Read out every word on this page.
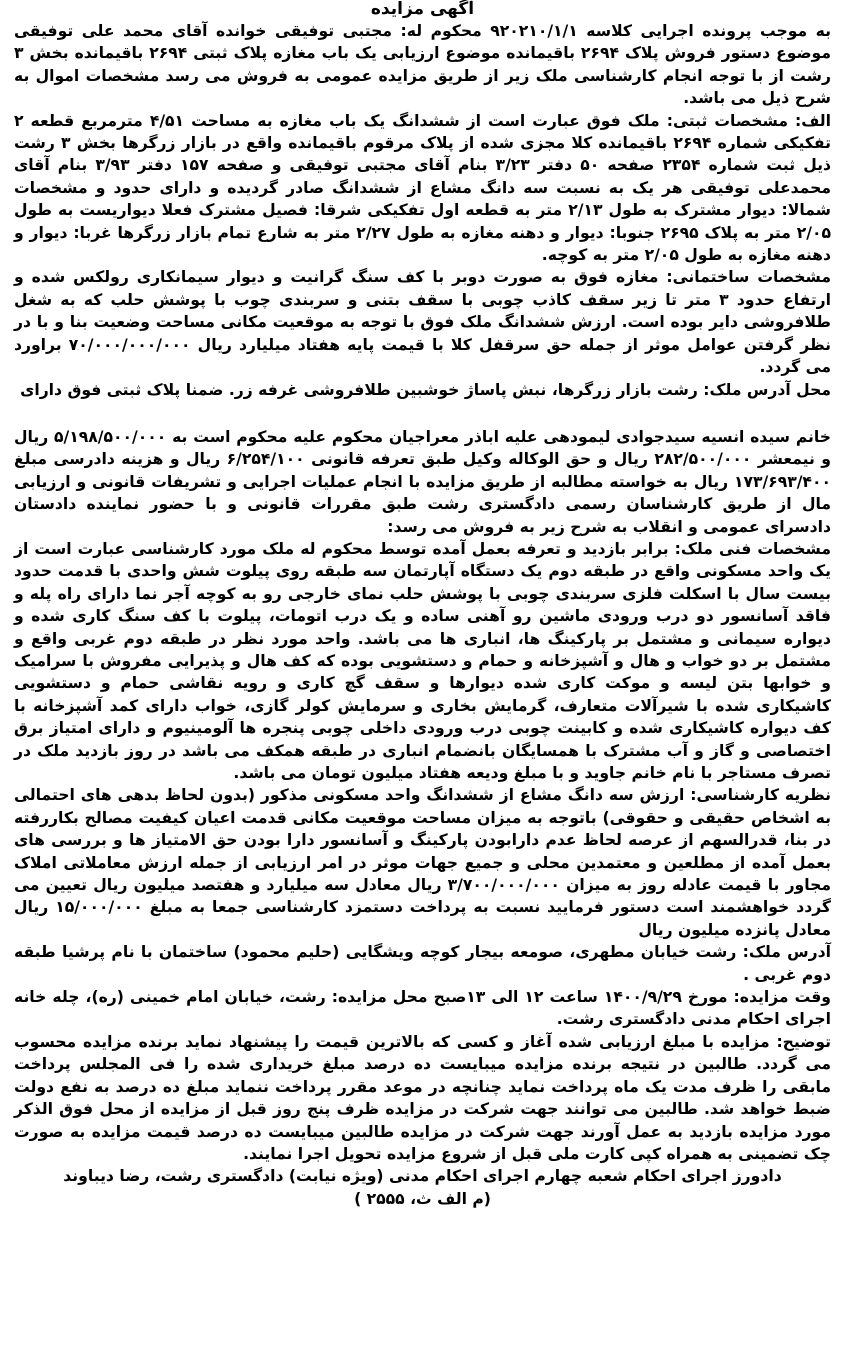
آگهی مزایده

به موجب پرونده اجرایی کلاسه ۹۲۰۲۱۰/۱/۱ محکوم له: مجتبی توفیقی خوانده آقای محمد علی توفیقی موضوع دستور فروش پلاک ۲۶۹۴ باقیمانده موضوع ارزیابی یک باب مغازه پلاک ثبتی ۲۶۹۴ باقیمانده بخش ۳ رشت از با توجه انجام کارشناسی ملک زیر از طریق مزایده عمومی به فروش می رسد مشخصات اموال به شرح ذیل می باشد.

الف: مشخصات ثبتی: ملک فوق عبارت است از ششدانگ یک باب مغازه به مساحت ۴/۵۱ مترمربع قطعه ۲ تفکیکی شماره ۲۶۹۴ باقیمانده کلا مجزی شده از پلاک مرقوم باقیمانده واقع در بازار زرگرها بخش ۳ رشت ذیل ثبت شماره ۲۳۵۴ صفحه ۵۰ دفتر ۳/۲۳ بنام آقای مجتبی توفیقی و صفحه ۱۵۷ دفتر ۳/۹۳ بنام آقای محمدعلی توفیقی هر یک به نسبت سه دانگ مشاع از ششدانگ صادر گردیده و دارای حدود و مشخصات شمالا: دیوار مشترک به طول ۲/۱۳ متر به قطعه اول تفکیکی شرقا: فصیل مشترک فعلا دیواریست به طول ۲/۰۵ متر به پلاک ۲۶۹۵ جنوبا: دیوار و دهنه مغازه به طول ۲/۲۷ متر به شارع تمام بازار زرگرها غربا: دیوار و دهنه مغازه به طول ۲/۰۵ متر به کوچه.

مشخصات ساختمانی: مغازه فوق به صورت دوبر با کف سنگ گرانیت و دیوار سیمانکاری رولکس شده و ارتفاع حدود ۳ متر تا زیر سقف کاذب چوبی با سقف بتنی و سربندی چوب با پوشش حلب که به شغل طلافروشی دایر بوده است. ارزش ششدانگ ملک فوق با توجه به موقعیت مکانی مساحت وضعیت بنا و با در نظر گرفتن عوامل موثر از جمله حق سرقفل کلا با قیمت پایه هفتاد میلیارد ریال ۷۰/۰۰۰/۰۰۰/۰۰۰ براورد می گردد.

محل آدرس ملک: رشت بازار زرگرها، نبش پاساژ خوشبین طلافروشی غرفه زر. ضمنا پلاک ثبتی فوق دارای

خانم سیده انسیه سیدجوادی لیمودهی علیه اباذر معراجیان محکوم علیه محکوم است به ۵/۱۹۸/۵۰۰/۰۰۰ ریال و نیمعشر ۲۸۲/۵۰۰/۰۰۰ ریال و حق الوکاله وکیل طبق تعرفه قانونی ۶/۲۵۴/۱۰۰ ریال و هزینه دادرسی مبلغ ۱۷۳/۶۹۳/۴۰۰ ریال به خواسته مطالبه از طریق مزایده با انجام عملیات اجرایی و تشریفات قانونی و ارزیابی مال از طریق کارشناسان رسمی دادگستری رشت طبق مقررات قانونی و با حضور نماینده دادستان دادسرای عمومی و انقلاب به شرح زیر به فروش می رسد:

مشخصات فنی ملک: برابر بازدید و تعرفه بعمل آمده توسط محکوم له ملک مورد کارشناسی عبارت است از یک واحد مسکونی واقع در طبقه دوم یک دستگاه آپارتمان سه طبقه روی پیلوت شش واحدی با قدمت حدود بیست سال با اسکلت فلزی سربندی چوبی با پوشش حلب نمای خارجی رو به کوچه آجر نما دارای راه پله و فاقد آسانسور دو درب ورودی ماشین رو آهنی ساده و یک درب اتومات، پیلوت با کف سنگ کاری شده و دیواره سیمانی و مشتمل بر پارکینگ ها، انباری ها می باشد. واحد مورد نظر در طبقه دوم غربی واقع و مشتمل بر دو خواب و هال و آشپزخانه و حمام و دستشویی بوده که کف هال و پذیرایی مفروش با سرامیک و خوابها بتن لیسه و موکت کاری شده دیوارها و سقف گچ کاری و رویه نقاشی حمام و دستشویی کاشیکاری شده با شیرآلات متعارف، گرمایش بخاری و سرمایش کولر گازی، خواب دارای کمد آشپزخانه با کف دیواره کاشیکاری شده و کابینت چوبی درب ورودی داخلی چوبی پنجره ها آلومینیوم و دارای امتیاز برق اختصاصی و گاز و آب مشترک با همسایگان بانضمام انباری در طبقه همکف می باشد در روز بازدید ملک در تصرف مستاجر با نام خانم جاوید و با مبلغ ودیعه هفتاد میلیون تومان می باشد.

نظریه کارشناسی: ارزش سه دانگ مشاع از ششدانگ واحد مسکونی مذکور (بدون لحاظ بدهی های احتمالی به اشخاص حقیقی و حقوقی) باتوجه به میزان مساحت موقعیت مکانی قدمت اعیان کیفیت مصالح بکاررفته در بنا، قدرالسهم از عرصه لحاظ عدم دارابودن پارکینگ و آسانسور دارا بودن حق الامتیاز ها و بررسی های بعمل آمده از مطلعین و معتمدین محلی و جمیع جهات موثر در امر ارزیابی از جمله ارزش معاملاتی املاک مجاور با قیمت عادله روز به میزان ۳/۷۰۰/۰۰۰/۰۰۰ ریال معادل سه میلیارد و هفتصد میلیون ریال تعیین می گردد خواهشمند است دستور فرمایید نسبت به پرداخت دستمزد کارشناسی جمعا به مبلغ ۱۵/۰۰۰/۰۰۰ ریال معادل پانزده میلیون ریال

آدرس ملک: رشت خیابان مطهری، صومعه بیجار کوچه ویشگایی (حلیم محمود) ساختمان با نام پرشیا طبقه دوم غربی .

وقت مزایده: مورخ ۱۴۰۰/۹/۲۹ ساعت ۱۲ الی ۱۳صبح محل مزایده: رشت، خیابان امام خمینی (ره)، چله خانه اجرای احکام مدنی دادگستری رشت.

توضیح: مزایده با مبلغ ارزیابی شده آغاز و کسی که بالاترین قیمت را پیشنهاد نماید برنده مزایده محسوب می گردد. طالبین در نتیجه برنده مزایده میبایست ده درصد مبلغ خریداری شده را فی المجلس پرداخت مابقی را ظرف مدت یک ماه پرداخت نماید چنانچه در موعد مقرر پرداخت ننماید مبلغ ده درصد به نفع دولت ضبط خواهد شد. طالبین می توانند جهت شرکت در مزایده ظرف پنج روز قبل از مزایده از محل فوق الذکر مورد مزایده بازدید به عمل آورند جهت شرکت در مزایده طالبین میبایست ده درصد قیمت مزایده به صورت چک تضمینی به همراه کپی کارت ملی قبل از شروع مزایده تحویل اجرا نمایند.

دادورز اجرای احکام شعبه چهارم اجرای احکام مدنی (ویژه نیابت) دادگستری رشت، رضا دیباوند

(م الف ث، ۲۵۵۵ )
